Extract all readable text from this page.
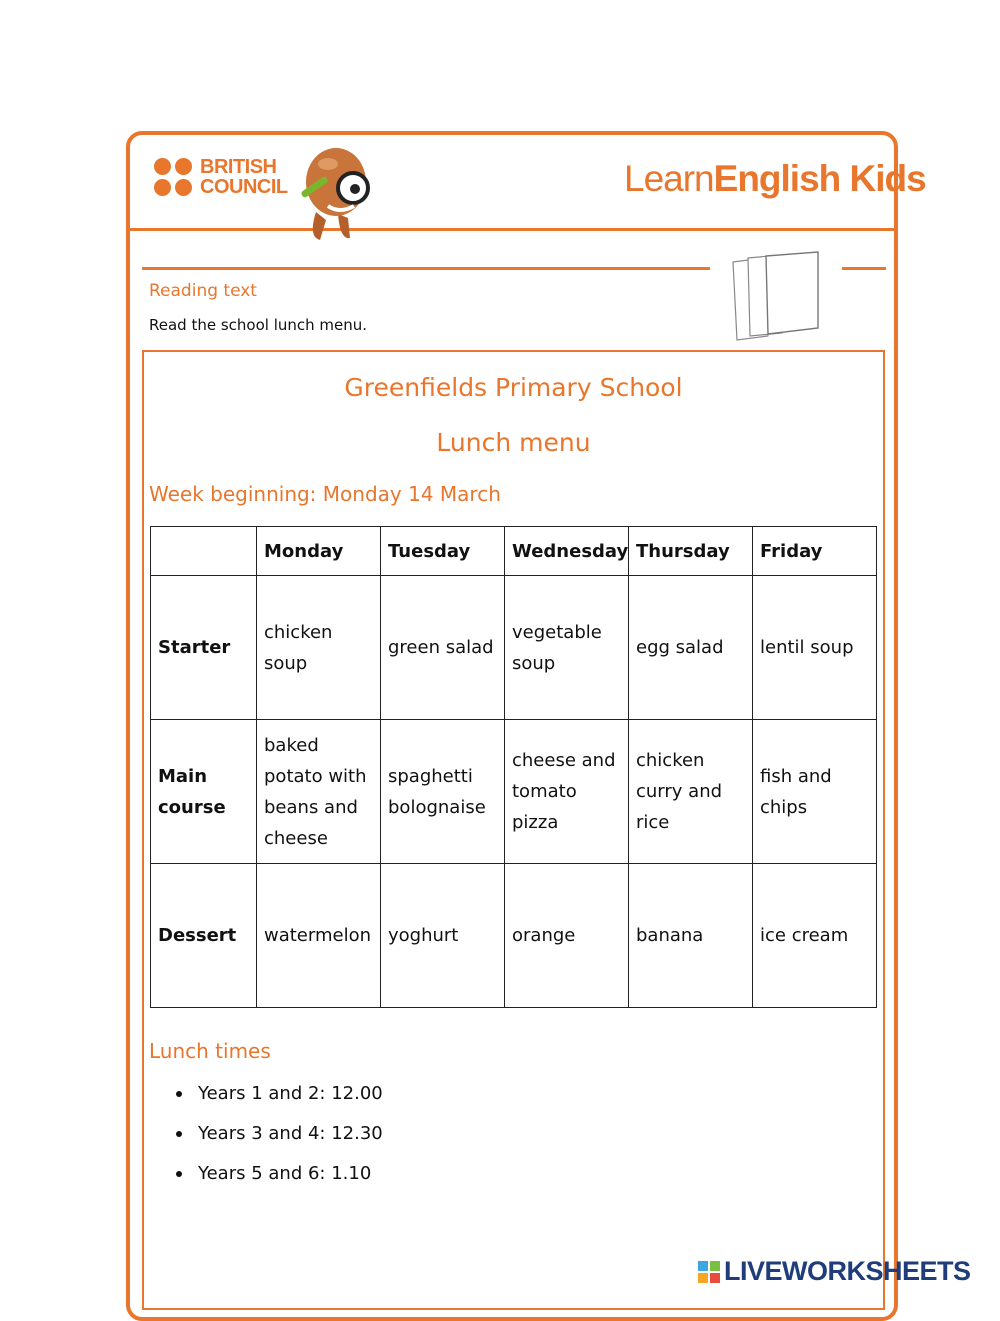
BRITISH
COUNCIL	LearnEnglish Kids
Reading text
Read the school lunch menu.
Greenfields Primary School
Lunch menu
Week beginning: Monday 14 March
	Monday	Tuesday	Wednesday	Thursday	Friday
Starter	chicken soup	green salad	vegetable soup	egg salad	lentil soup
Main course	baked potato with beans and cheese	spaghetti bolognaise	cheese and tomato pizza	chicken curry and rice	fish and chips
Dessert	watermelon	yoghurt	orange	banana	ice cream
Lunch times
Years 1 and 2: 12.00
Years 3 and 4: 12.30
Years 5 and 6: 1.10
LIVEWORKSHEETS
